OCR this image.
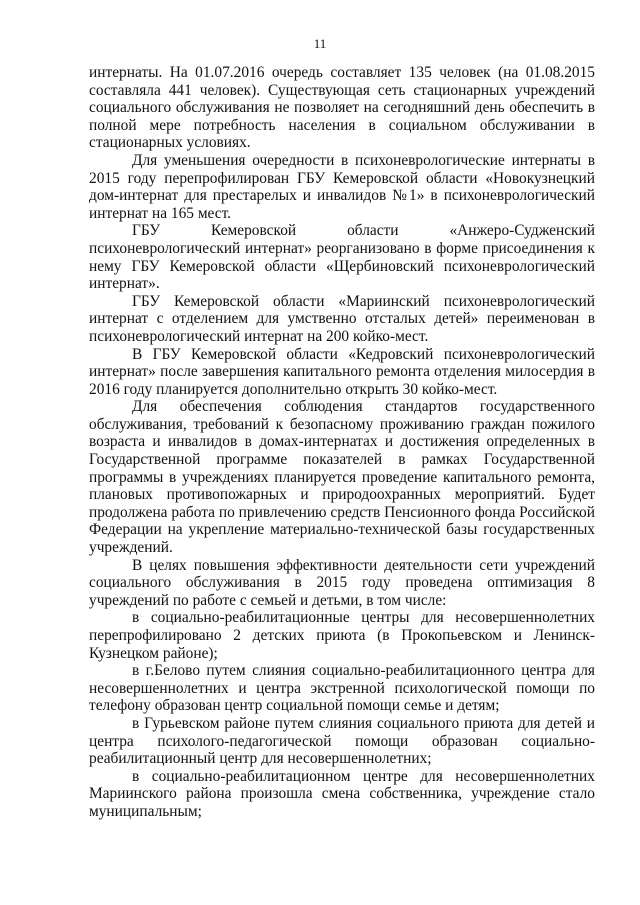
11

интернаты. На 01.07.2016 очередь составляет 135 человек (на 01.08.2015 составляла 441 человек). Существующая сеть стационарных учреждений социального обслуживания не позволяет на сегодняшний день обеспечить в полной мере потребность населения в социальном обслуживании в стационарных условиях.

Для уменьшения очередности в психоневрологические интернаты в 2015 году перепрофилирован ГБУ Кемеровской области «Новокузнецкий дом-интернат для престарелых и инвалидов №1» в психоневрологический интернат на 165 мест.

ГБУ Кемеровской области «Анжеро-Судженский психоневрологический интернат» реорганизовано в форме присоединения к нему ГБУ Кемеровской области «Щербиновский психоневрологический интернат».

ГБУ Кемеровской области «Мариинский психоневрологический интернат с отделением для умственно отсталых детей» переименован в психоневрологический интернат на 200 койко-мест.

В ГБУ Кемеровской области «Кедровский психоневрологический интернат» после завершения капитального ремонта отделения милосердия в 2016 году планируется дополнительно открыть 30 койко-мест.

Для обеспечения соблюдения стандартов государственного обслуживания, требований к безопасному проживанию граждан пожилого возраста и инвалидов в домах-интернатах и достижения определенных в Государственной программе показателей в рамках Государственной программы в учреждениях планируется проведение капитального ремонта, плановых противопожарных и природоохранных мероприятий. Будет продолжена работа по привлечению средств Пенсионного фонда Российской Федерации на укрепление материально-технической базы государственных учреждений.

В целях повышения эффективности деятельности сети учреждений социального обслуживания в 2015 году проведена оптимизация 8 учреждений по работе с семьей и детьми, в том числе:

в социально-реабилитационные центры для несовершеннолетних перепрофилировано 2 детских приюта (в Прокопьевском и Ленинск-Кузнецком районе);

в г.Белово путем слияния социально-реабилитационного центра для несовершеннолетних и центра экстренной психологической помощи по телефону образован центр социальной помощи семье и детям;

в Гурьевском районе путем слияния социального приюта для детей и центра психолого-педагогической помощи образован социально-реабилитационный центр для несовершеннолетних;

в социально-реабилитационном центре для несовершеннолетних Мариинского района произошла смена собственника, учреждение стало муниципальным;
